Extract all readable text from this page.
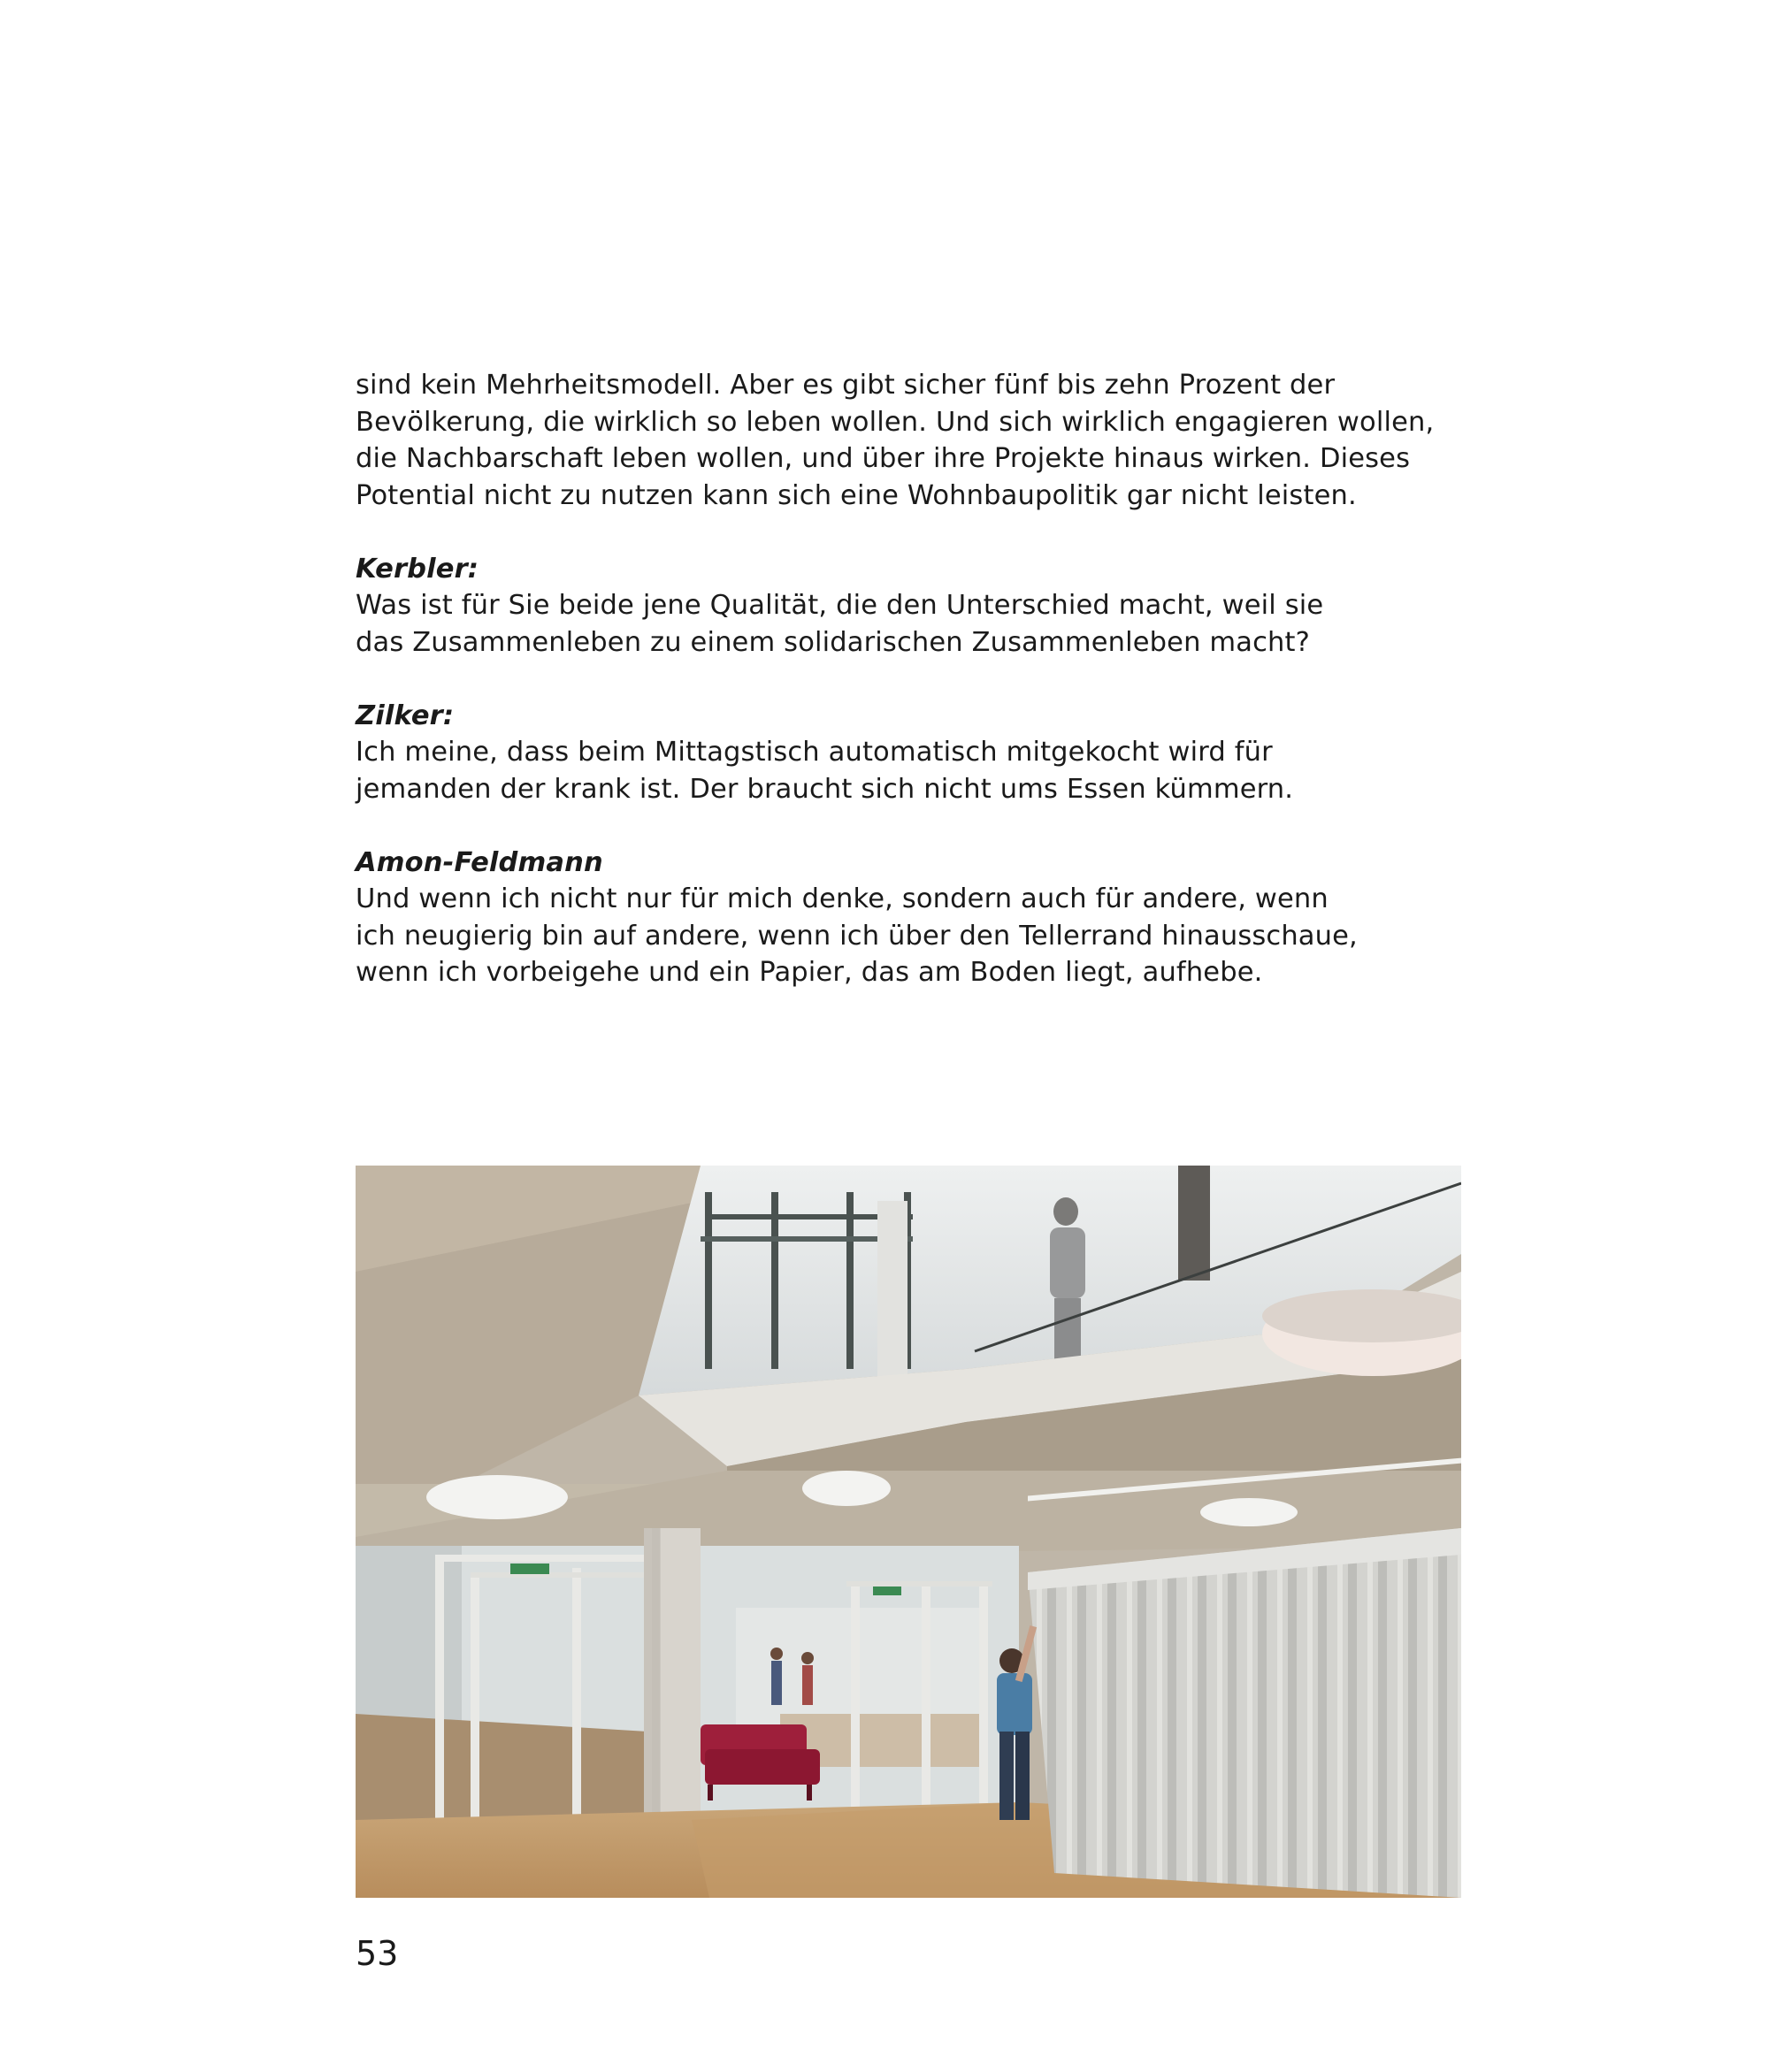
sind kein Mehrheitsmodell. Aber es gibt sicher fünf bis zehn Prozent der
Bevölkerung, die wirklich so leben wollen. Und sich wirklich engagieren wollen,
die Nachbarschaft leben wollen, und über ihre Projekte hinaus wirken. Dieses
Potential nicht zu nutzen kann sich eine Wohnbaupolitik gar nicht leisten.

Kerbler:
Was ist für Sie beide jene Qualität, die den Unterschied macht, weil sie
das Zusammenleben zu einem solidarischen Zusammenleben macht?

Zilker:
Ich meine, dass beim Mittagstisch automatisch mitgekocht wird für
jemanden der krank ist. Der braucht sich nicht ums Essen kümmern.

Amon-Feldmann
Und wenn ich nicht nur für mich denke, sondern auch für andere, wenn
ich neugierig bin auf andere, wenn ich über den Tellerrand hinausschaue,
wenn ich vorbeigehe und ein Papier, das am Boden liegt, aufhebe.

53
